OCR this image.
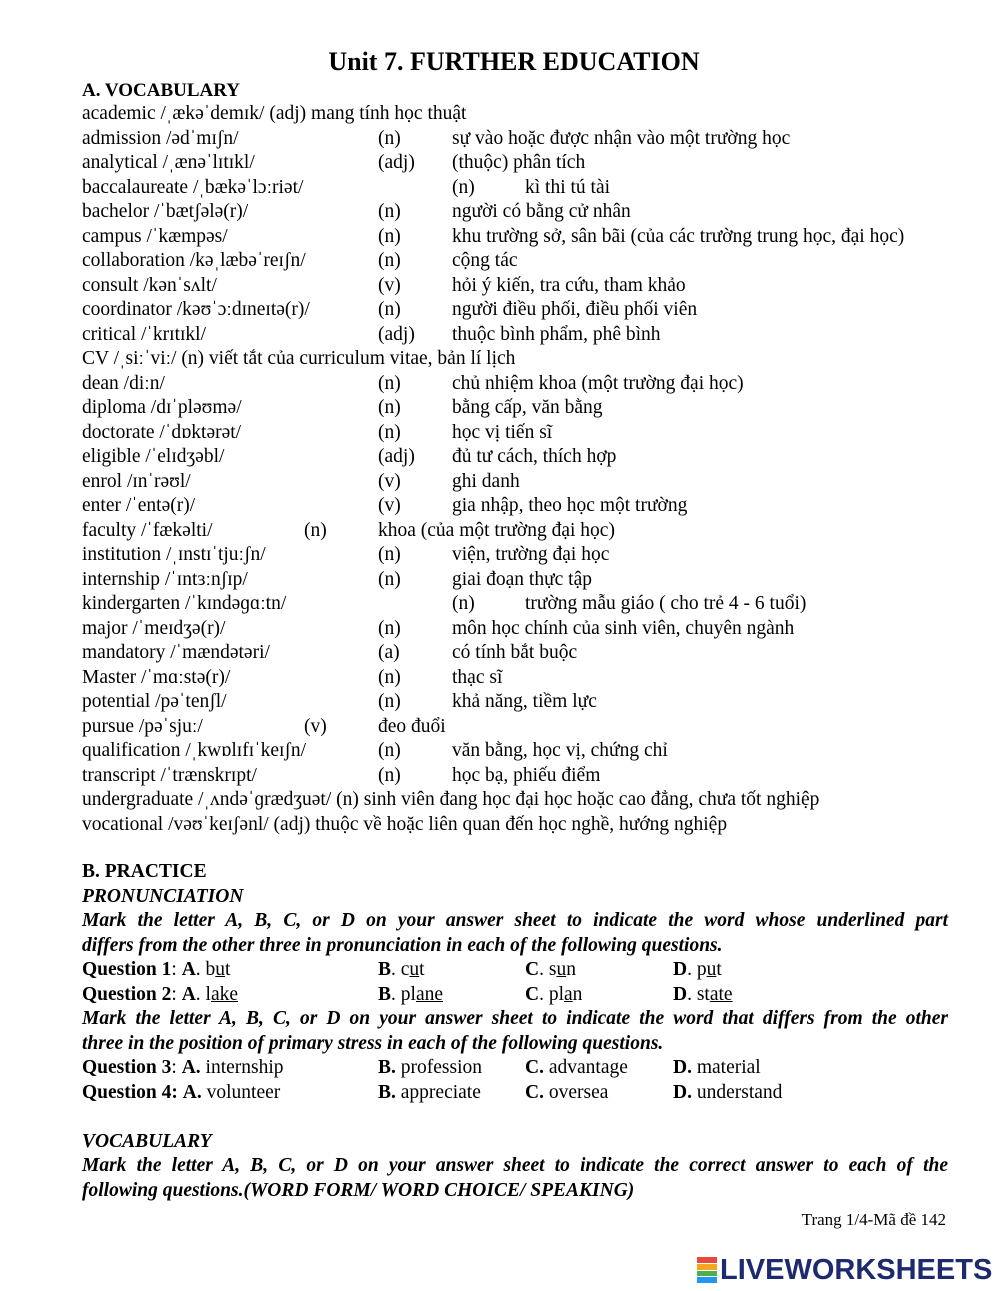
Unit 7. FURTHER EDUCATION
A. VOCABULARY
academic /ˌækəˈdemɪk/ (adj) mang tính học thuật
admission /ədˈmɪʃn/	(n)	sự vào hoặc được nhận vào một trường học
analytical /ˌænəˈlɪtɪkl/	(adj) (thuộc) phân tích
baccalaureate /ˌbækəˈlɔːriət/	(n)	kì thi tú tài
bachelor /ˈbætʃələ(r)/	(n)	người có bằng cử nhân
campus /ˈkæmpəs/	(n)	khu trường sở, sân bãi (của các trường trung học, đại học)
collaboration /kəˌlæbəˈreɪʃn/	(n)	cộng tác
consult /kənˈsʌlt/	(v)	hỏi ý kiến, tra cứu, tham khảo
coordinator /kəʊˈɔːdɪneɪtə(r)/	(n)	người điều phối, điều phối viên
critical /ˈkrɪtɪkl/	(adj) thuộc bình phẩm, phê bình
CV /ˌsiːˈviː/ (n) viết tắt của curriculum vitae, bản lí lịch
dean /diːn/	(n)	chủ nhiệm khoa (một trường đại học)
diploma /dɪˈpləʊmə/	(n)	bằng cấp, văn bằng
doctorate /ˈdɒktərət/	(n)	học vị tiến sĩ
eligible /ˈelɪdʒəbl/	(adj) đủ tư cách, thích hợp
enrol /ɪnˈrəʊl/	(v)	ghi danh
enter /ˈentə(r)/	(v)	gia nhập, theo học một trường
faculty /ˈfækəlti/	(n)	khoa (của một trường đại học)
institution /ˌɪnstɪˈtjuːʃn/	(n)	viện, trường đại học
internship /ˈɪntɜːnʃɪp/	(n)	giai đoạn thực tập
kindergarten /ˈkɪndəɡɑːtn/	(n)	trường mẫu giáo ( cho trẻ 4 - 6 tuổi)
major /ˈmeɪdʒə(r)/	(n)	môn học chính của sinh viên, chuyên ngành
mandatory /ˈmændətəri/	(a)	có tính bắt buộc
Master /ˈmɑːstə(r)/	(n)	thạc sĩ
potential /pəˈtenʃl/	(n)	khả năng, tiềm lực
pursue /pəˈsjuː/	(v)	đeo đuổi
qualification /ˌkwɒlɪfɪˈkeɪʃn/	(n)	văn bằng, học vị, chứng chỉ
transcript /ˈtrænskrɪpt/	(n)	học bạ, phiếu điểm
undergraduate /ˌʌndəˈɡrædʒuət/ (n) sinh viên đang học đại học hoặc cao đẳng, chưa tốt nghiệp
vocational /vəʊˈkeɪʃənl/ (adj) thuộc về hoặc liên quan đến học nghề, hướng nghiệp
B. PRACTICE
PRONUNCIATION
Mark the letter A, B, C, or D on your answer sheet to indicate the word whose underlined part
differs from the other three in pronunciation in each of the following questions.
Question 1: A. but	B. cut	C. sun	D. put
Question 2: A. lake	B. plane	C. plan	D. state
Mark the letter A, B, C, or D on your answer sheet to indicate the word that differs from the other
three in the position of primary stress in each of the following questions.
Question 3: A. internship	B. profession C. advantage D. material
Question 4: A. volunteer	B. appreciate C. oversea	D. understand
VOCABULARY
Mark the letter A, B, C, or D on your answer sheet to indicate the correct answer to each of the
following questions.(WORD FORM/ WORD CHOICE/ SPEAKING)
Trang 1/4-Mã đề 142
LIVEWORKSHEETS
